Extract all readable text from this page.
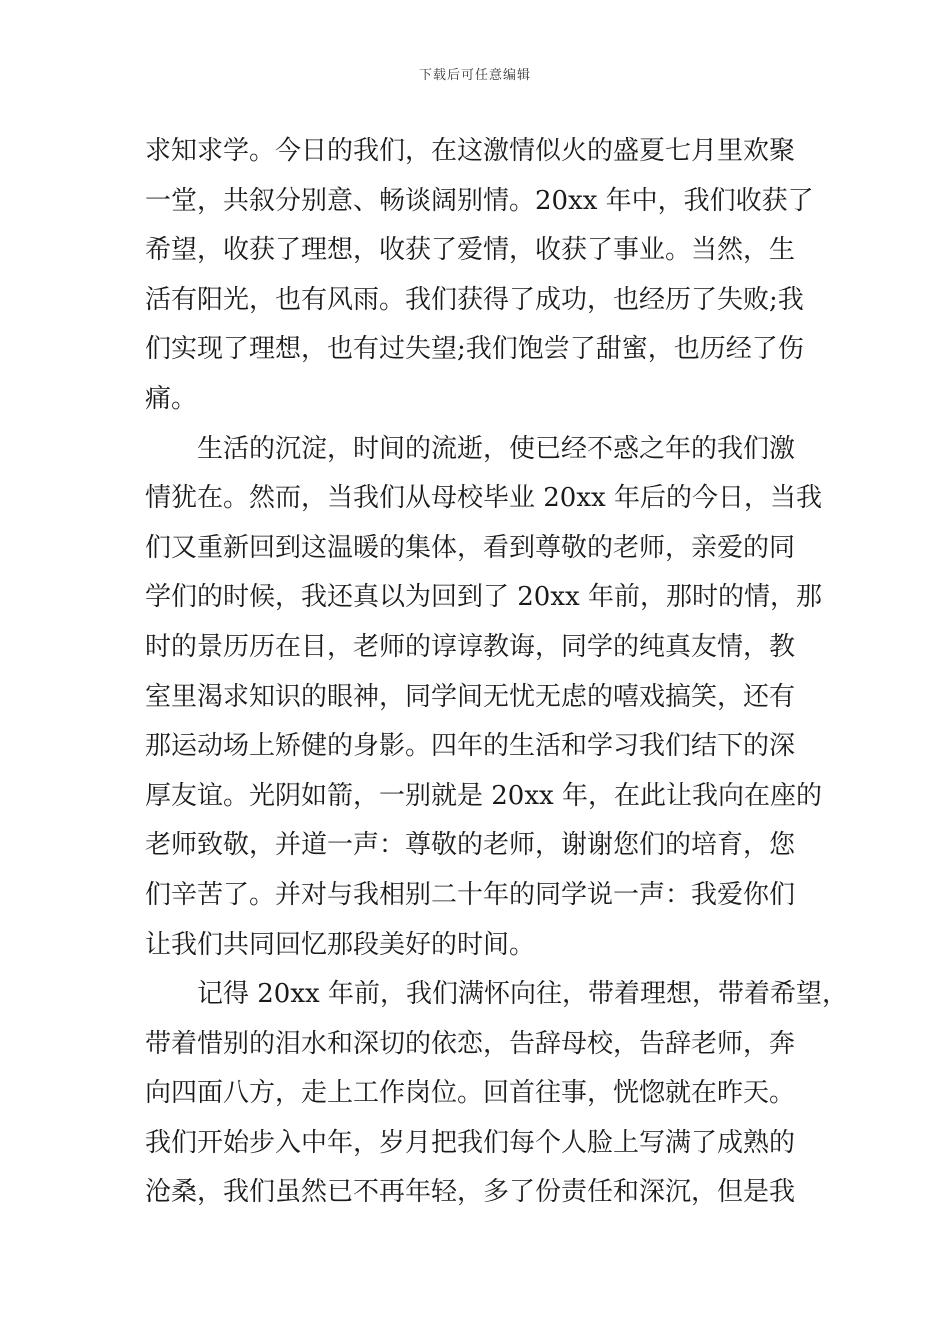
下载后可任意编辑
求知求学。今日的我们，在这激情似火的盛夏七月里欢聚
一堂，共叙分别意、畅谈阔别情。20xx 年中，我们收获了
希望，收获了理想，收获了爱情，收获了事业。当然，生
活有阳光，也有风雨。我们获得了成功，也经历了失败;我
们实现了理想，也有过失望;我们饱尝了甜蜜，也历经了伤
痛。
生活的沉淀，时间的流逝，使已经不惑之年的我们激
情犹在。然而，当我们从母校毕业 20xx 年后的今日，当我
们又重新回到这温暖的集体，看到尊敬的老师，亲爱的同
学们的时候，我还真以为回到了 20xx 年前，那时的情，那
时的景历历在目，老师的谆谆教诲，同学的纯真友情，教
室里渴求知识的眼神，同学间无忧无虑的嘻戏搞笑，还有
那运动场上矫健的身影。四年的生活和学习我们结下的深
厚友谊。光阴如箭，一别就是 20xx 年，在此让我向在座的
老师致敬，并道一声：尊敬的老师，谢谢您们的培育，您
们辛苦了。并对与我相别二十年的同学说一声：我爱你们
让我们共同回忆那段美好的时间。
记得 20xx 年前，我们满怀向往，带着理想，带着希望，
带着惜别的泪水和深切的依恋，告辞母校，告辞老师，奔
向四面八方，走上工作岗位。回首往事，恍惚就在昨天。
我们开始步入中年，岁月把我们每个人脸上写满了成熟的
沧桑，我们虽然已不再年轻，多了份责任和深沉，但是我
